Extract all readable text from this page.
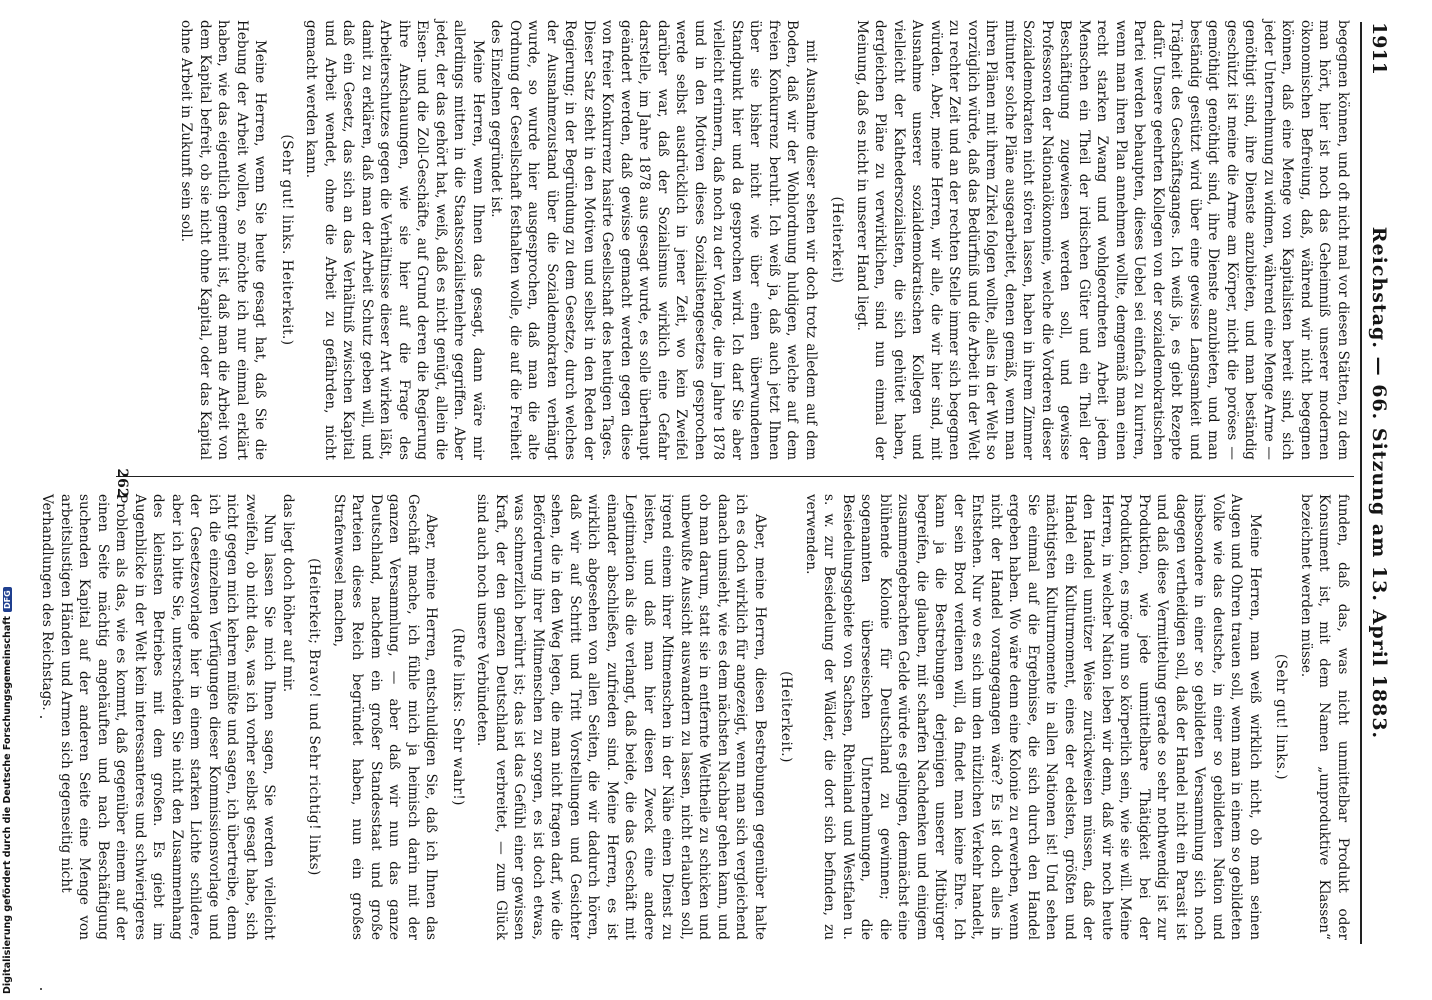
1911
Reichstag. — 66. Sitzung am 13. April 1883.

begegnen können, und oft nicht mal vor diesen Stätten, zu dem man hört, hier ist noch das Geheimniß unserer modernen ökonomischen Befreiung, daß, während wir nicht begegnen können, daß eine Menge von Kapitalisten bereit sind, sich jeder Unternehmung zu widmen, während eine Menge Arme — genöthigt sind, ihre Dienste anzubieten, und man beständig geschützt ist meine die Arme am Körper, nicht die poröses — gemöthigt genöthigt sind, ihre Dienste anzubieten, und man beständig gestützt wird über eine gewisse Langsamkeit und Trägheit des Geschäftsganges. Ich weiß ja, es giebt Rezepte dafür. Unsere geehrten Kollegen von der sozialdemokratischen Partei werden behaupten, dieses Uebel sei einfach zu kuriren, wenn man ihren Plan annehmen wollte, demgemäß man einen recht starken Zwang und wohlgeordneten Arbeit jedem Menschen ein Theil der irdischen Güter und ein Theil der Beschäftigung zugewiesen werden soll, und gewisse Professoren der Nationalökonomie, welche die Vorderen dieser Sozialdemokraten nicht stören lassen, haben in ihrem Zimmer mitunter solche Pläne ausgearbeitet, denen gemäß, wenn man ihren Plänen mit ihrem Zirkel folgen wollte, alles in der Welt so vorzüglich würde, daß das Bedürfniß und die Arbeit in der Welt zu rechter Zeit und an der rechten Stelle immer sich begegnen würden. Aber, meine Herren, wir alle, die wir hier sind, mit Ausnahme unserer sozialdemokratischen Kollegen und vielleicht der Kathedersozialisten, die sich gehütet haben, dergleichen Pläne zu verwirklichen, sind nun einmal der Meinung, daß es nicht in unserer Hand liegt.

(Heiterkeit)

mit Ausnahme dieser sehen wir doch trotz alledem auf dem Boden, daß wir der Wohlordnung huldigen, welche auf dem freien Konkurrenz beruht. Ich weiß ja, daß auch jetzt Ihnen über sie bisher nicht wie über einen überwundenen Standpunkt hier und da gesprochen wird. Ich darf Sie aber vielleicht erinnern, daß noch zu der Vorlage, die im Jahre 1878 und in den Motiven dieses Sozialistengesetzes gesprochen werde selbst ausdrücklich in jener Zeit, wo kein Zweifel darüber war, daß der Sozialismus wirklich eine Gefahr darstelle, im Jahre 1878 aus gesagt wurde, es solle überhaupt geändert werden, daß gewisse gemacht werden gegen diese von freier Konkurrenz hasirte Gesellschaft des heutigen Tages. Dieser Satz steht in den Motiven und selbst in den Reden der Regierung; in der Begründung zu dem Gesetze, durch welches der Ausnahmezustand über die Sozialdemokraten verhängt wurde, so wurde hier ausgesprochen, daß man die alte Ordnung der Gesellschaft festhalten wolle, die auf die Freiheit des Einzelnen gegründet ist.

Meine Herren, wenn Ihnen das gesagt, dann wäre mir allerdings mitten in die Staatssozialistenlehre gegriffen. Aber jeder, der das gehört hat, weiß, daß es nicht genügt, allein die Eisen- und die Zoll-Geschäfte, auf Grund deren die Regierung ihre Anschauungen, wie sie hier auf die Frage des Arbeiterschutzes gegen die Verhältnisse dieser Art wirken läßt, damit zu erklären, daß man der Arbeit Schutz geben will, und daß ein Gesetz, das sich an das Verhältniß zwischen Kapital und Arbeit wendet, ohne die Arbeit zu gefährden, nicht gemacht werden kann.

(Sehr gut! links. Heiterkeit.)

Meine Herren, wenn Sie heute gesagt hat, daß Sie die Hebung der Arbeit wollen, so möchte ich nur einmal erklärt haben, wie das eigentlich gemeint ist, daß man die Arbeit von dem Kapital befreit, ob sie nicht ohne Kapital, oder das Kapital ohne Arbeit in Zukunft sein soll.

funden, daß das, was nicht unmittelbar Produkt oder Konsument ist, mit dem Namen „unproduktive Klassen“ bezeichnet werden müsse.

(Sehr gut! links.)

Meine Herren, man weiß wirklich nicht, ob man seinen Augen und Ohren trauen soll, wenn man in einem so gebildeten Volke wie das deutsche, in einer so gebildeten Nation und insbesondere in einer so gebildeten Versammlung sich noch dagegen vertheidigen soll, daß der Handel nicht ein Parasit ist und daß diese Vermittelung gerade so sehr nothwendig ist zur Produktion, wie jede unmittelbare Thätigkeit bei der Produktion, es möge nun so körperlich sein, wie sie will. Meine Herren, in welcher Nation leben wir denn, daß wir noch heute den Handel unnützer Weise zurückweisen müssen, daß der Handel ein Kulturmoment, eines der edelsten, größten und mächtigsten Kulturmomente in allen Nationen ist! Und sehen Sie einmal auf die Ergebnisse, die sich durch den Handel ergeben haben. Wo wäre denn eine Kolonie zu erwerben, wenn nicht der Handel vorangegangen wäre? Es ist doch alles in Entstehen. Nur wo es sich um den nützlichen Verkehr handelt, der sein Brod verdienen will, da findet man keine Ehre. Ich kann ja die Bestrebungen derjenigen unserer Mitbürger begreifen, die glauben, mit scharfen Nachdenken und einigem zusammengebrachten Gelde würde es gelingen, demnächst eine blühende Kolonie für Deutschland zu gewinnen; die sogenannten überseeischen Unternehmungen, die Besiedelungsgebiete von Sachsen, Rheinland und Westfalen u. s. w. zur Besiedelung der Wälder, die dort sich befinden, zu verwenden.

(Heiterkeit.)

Aber, meine Herren, diesen Bestrebungen gegenüber halte ich es doch wirklich für angezeigt, wenn man sich vergleichend danach umsieht, wie es dem nächsten Nachbar gehen kann, und ob man darum, statt sie in entfernte Welttheile zu schicken und unbewußte Aussicht auswandern zu lassen, nicht erlauben soll, irgend einem ihrer Mitmenschen in der Nähe einen Dienst zu leisten, und daß man hier diesen Zweck eine andere Legitimation als die verlangt, daß beide, die das Geschäft mit einander abschließen, zufrieden sind. Meine Herren, es ist wirklich abgesehen von allen Seiten, die wir dadurch hören, daß wir auf Schritt und Tritt Vorstellungen und Gesichter sehen, die in den Weg legen, die man nicht fragen darf, wie die Beförderung ihrer Mitmenschen zu sorgen, es ist doch etwas, was schmerzlich berührt ist; das ist das Gefühl einer gewissen Kraft, der den ganzen Deutschland verbreitet, — zum Glück sind auch noch unsere Verbündeten.

(Rufe links: Sehr wahr!)

Aber, meine Herren, entschuldigen Sie, daß ich Ihnen das Geschäft mache, ich fühle mich ja heimisch darin mit der ganzen Versammlung, — aber daß wir nun das ganze Deutschland, nachdem ein großer Standesstaat und große Parteien dieses Reich begründet haben, nun ein großes Strafenwesel machen,

(Heiterkeit; Bravo! und Sehr richtig! links)

das liegt doch höher auf mir.

Nun lassen Sie mich Ihnen sagen, Sie werden vielleicht zweifeln, ob nicht das, was ich vorher selbst gesagt habe, sich nicht gegen mich kehren müßte und sagen, ich übertreibe, denn ich die einzelnen Verfügungen dieser Kommissionsvorlage und der Gesetzesvorlage hier in einem starken Lichte schildere, aber ich bitte Sie, unterscheiden Sie nicht den Zusammenhang des kleinsten Betriebes mit dem großen. Es giebt im Augenblicke in der Welt kein interessanteres und schwierigeres Problem als das, wie es kommt, daß gegenüber einem auf der einen Seite mächtig angehäuften und nach Beschäftigung suchenden Kapital auf der anderen Seite eine Menge von arbeitslustigen Händen und Armen sich gegenseitig nicht

Verhandlungen des Reichstags.

262
Digitalisierung gefördert durch die Deutsche ForschungsgemeinschaftDFG
